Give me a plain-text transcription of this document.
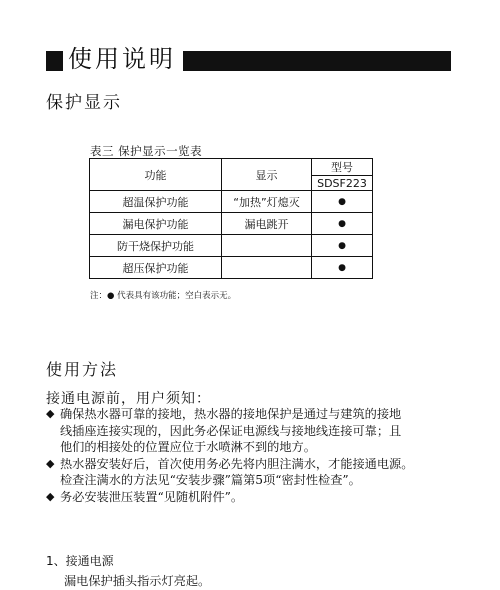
使用说明
保护显示
表三 保护显示一览表
功能	显示	型号
		SDSF223
超温保护功能	“加热”灯熄灭	●
漏电保护功能	漏电跳开	●
防干烧保护功能		●
超压保护功能		●
注：● 代表具有该功能；空白表示无。
使用方法
接通电源前，用户须知：
◆ 确保热水器可靠的接地，热水器的接地保护是通过与建筑的接地
线插座连接实现的，因此务必保证电源线与接地线连接可靠；且
他们的相接处的位置应位于水喷淋不到的地方。
◆ 热水器安装好后，首次使用务必先将内胆注满水，才能接通电源。
检查注满水的方法见“安装步骤”篇第5项“密封性检查”。
◆ 务必安装泄压装置“见随机附件”。
1、接通电源
漏电保护插头指示灯亮起。
